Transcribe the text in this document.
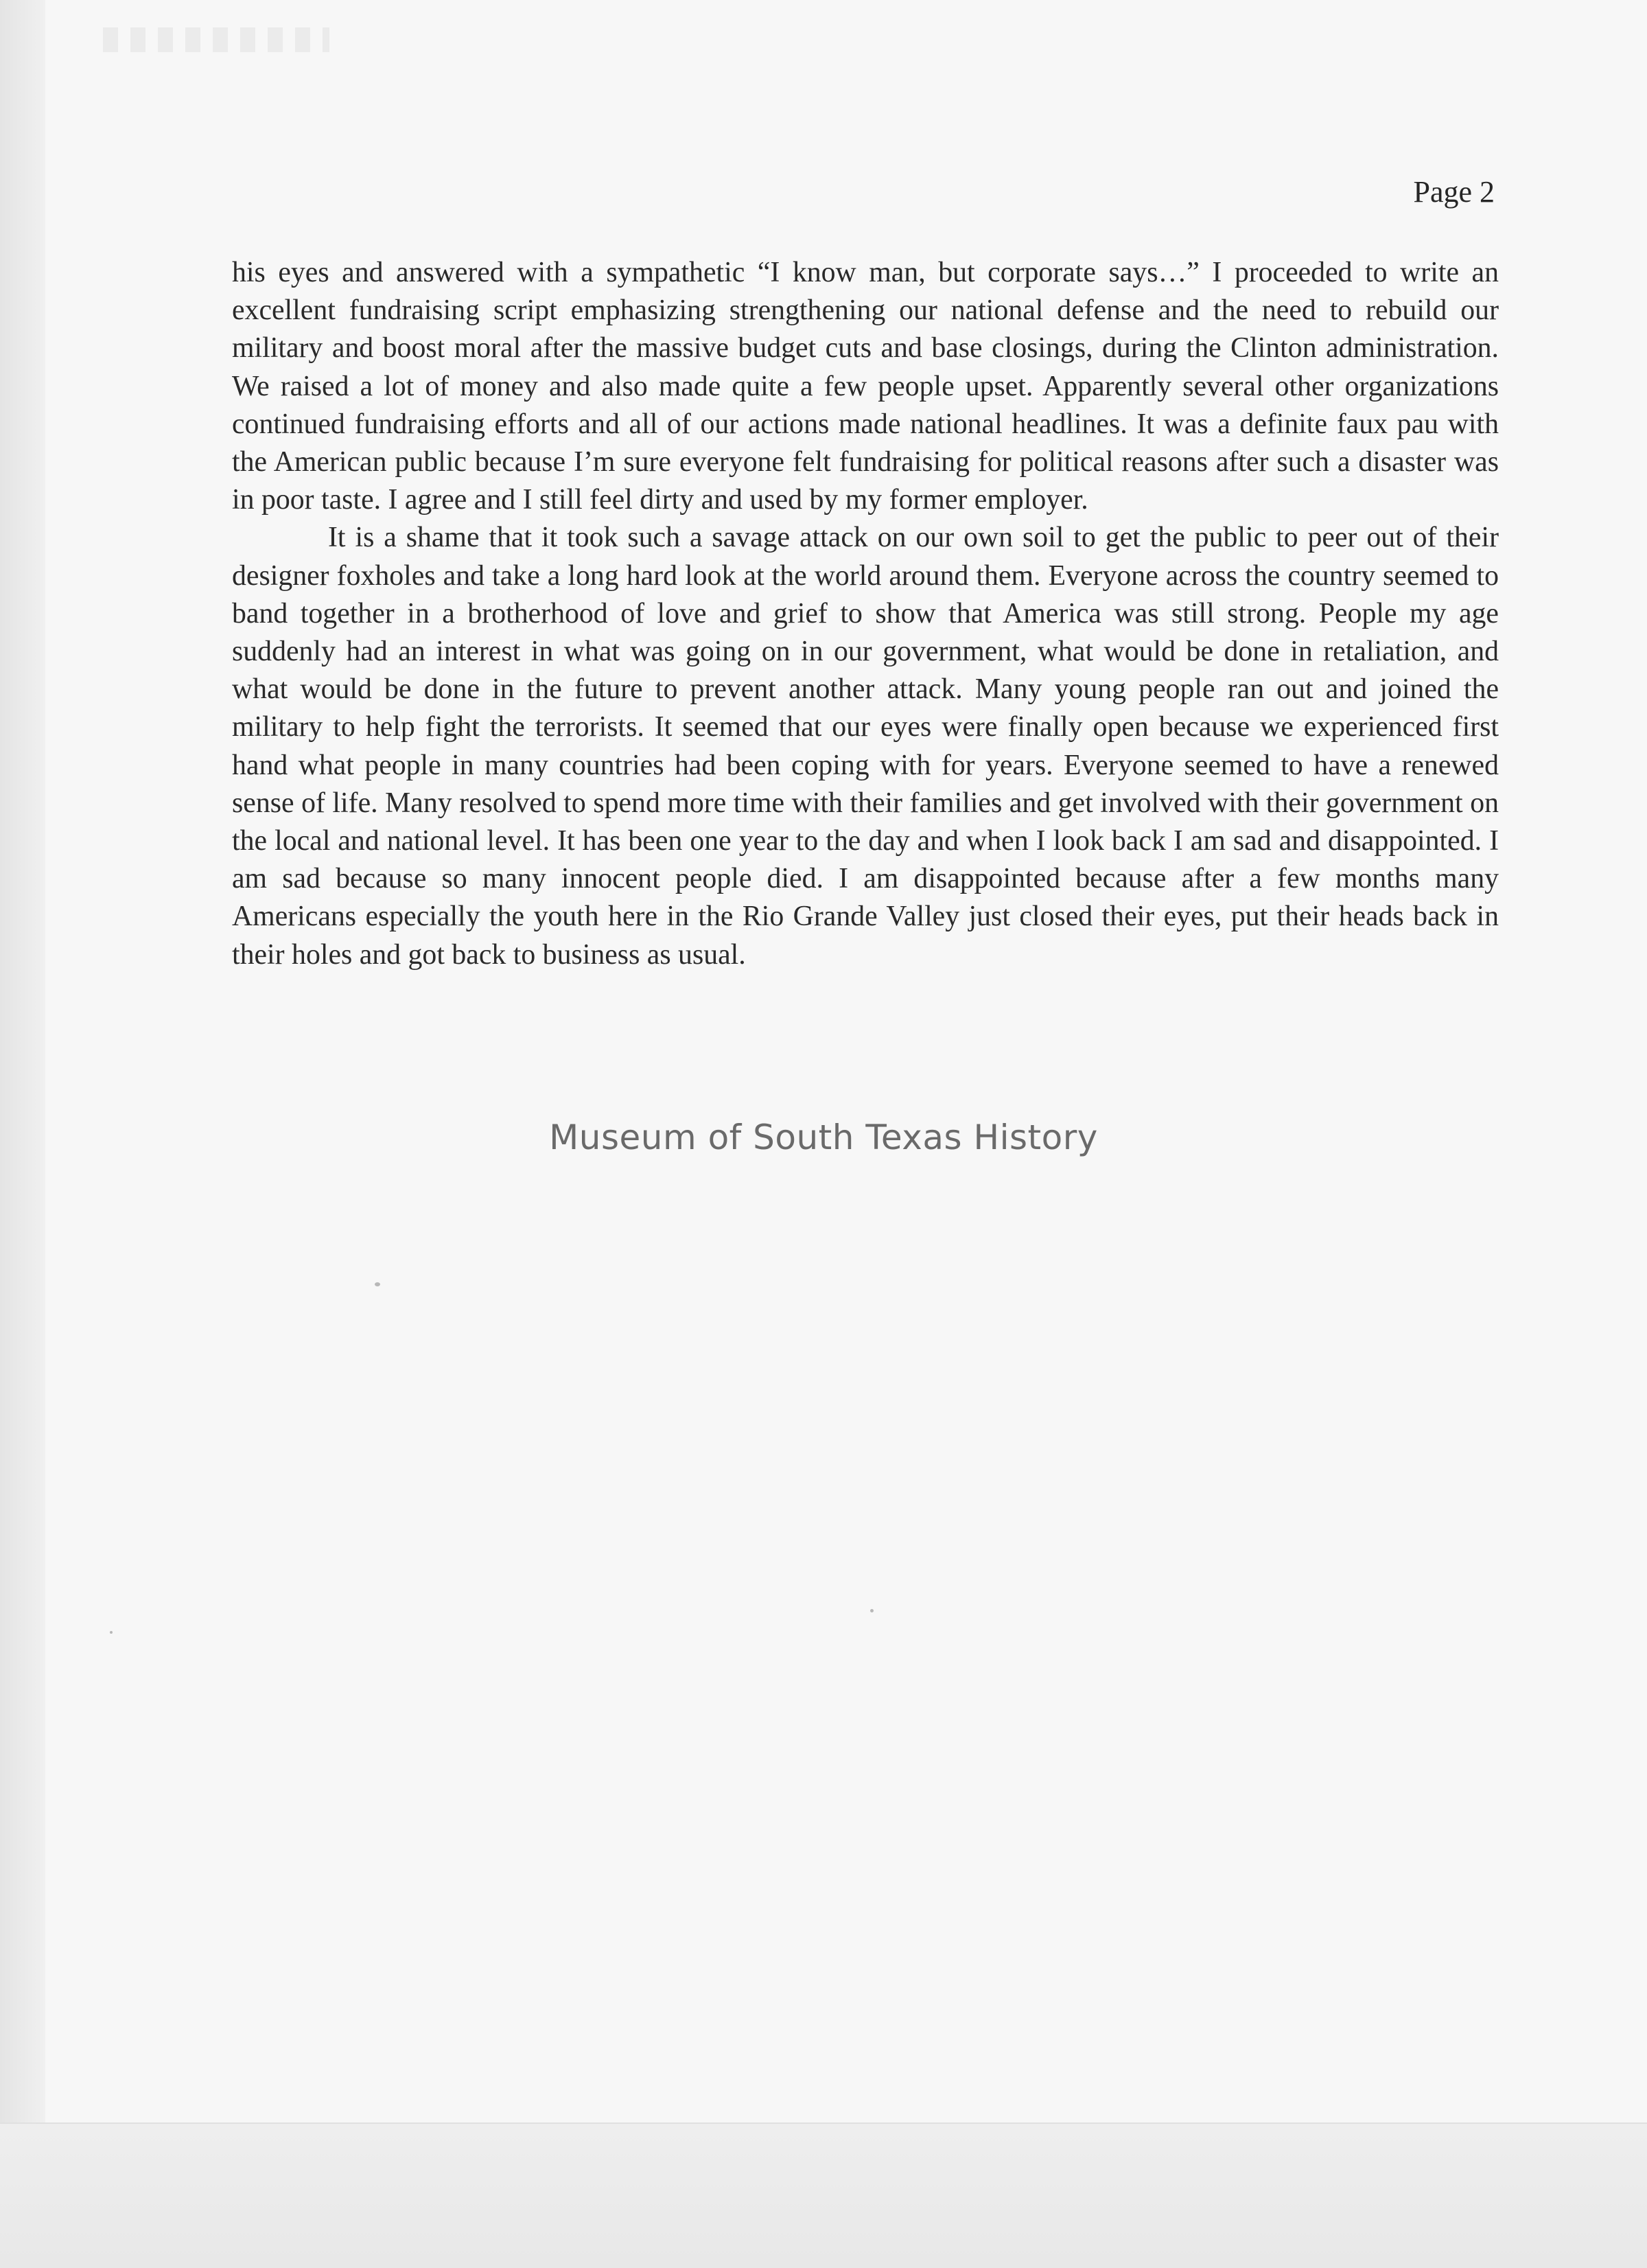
Page 2

his eyes and answered with a sympathetic “I know man, but corporate says…” I proceeded to write an excellent fundraising script emphasizing strengthening our national defense and the need to rebuild our military and boost moral after the massive budget cuts and base closings, during the Clinton administration. We raised a lot of money and also made quite a few people upset. Apparently several other organizations continued fundraising efforts and all of our actions made national headlines. It was a definite faux pau with the American public because I’m sure everyone felt fundraising for political reasons after such a disaster was in poor taste. I agree and I still feel dirty and used by my former employer.

It is a shame that it took such a savage attack on our own soil to get the public to peer out of their designer foxholes and take a long hard look at the world around them. Everyone across the country seemed to band together in a brotherhood of love and grief to show that America was still strong. People my age suddenly had an interest in what was going on in our government, what would be done in retaliation, and what would be done in the future to prevent another attack. Many young people ran out and joined the military to help fight the terrorists. It seemed that our eyes were finally open because we experienced first hand what people in many countries had been coping with for years. Everyone seemed to have a renewed sense of life. Many resolved to spend more time with their families and get involved with their government on the local and national level. It has been one year to the day and when I look back I am sad and disappointed. I am sad because so many innocent people died. I am disappointed because after a few months many Americans especially the youth here in the Rio Grande Valley just closed their eyes, put their heads back in their holes and got back to business as usual.

Museum of South Texas History
